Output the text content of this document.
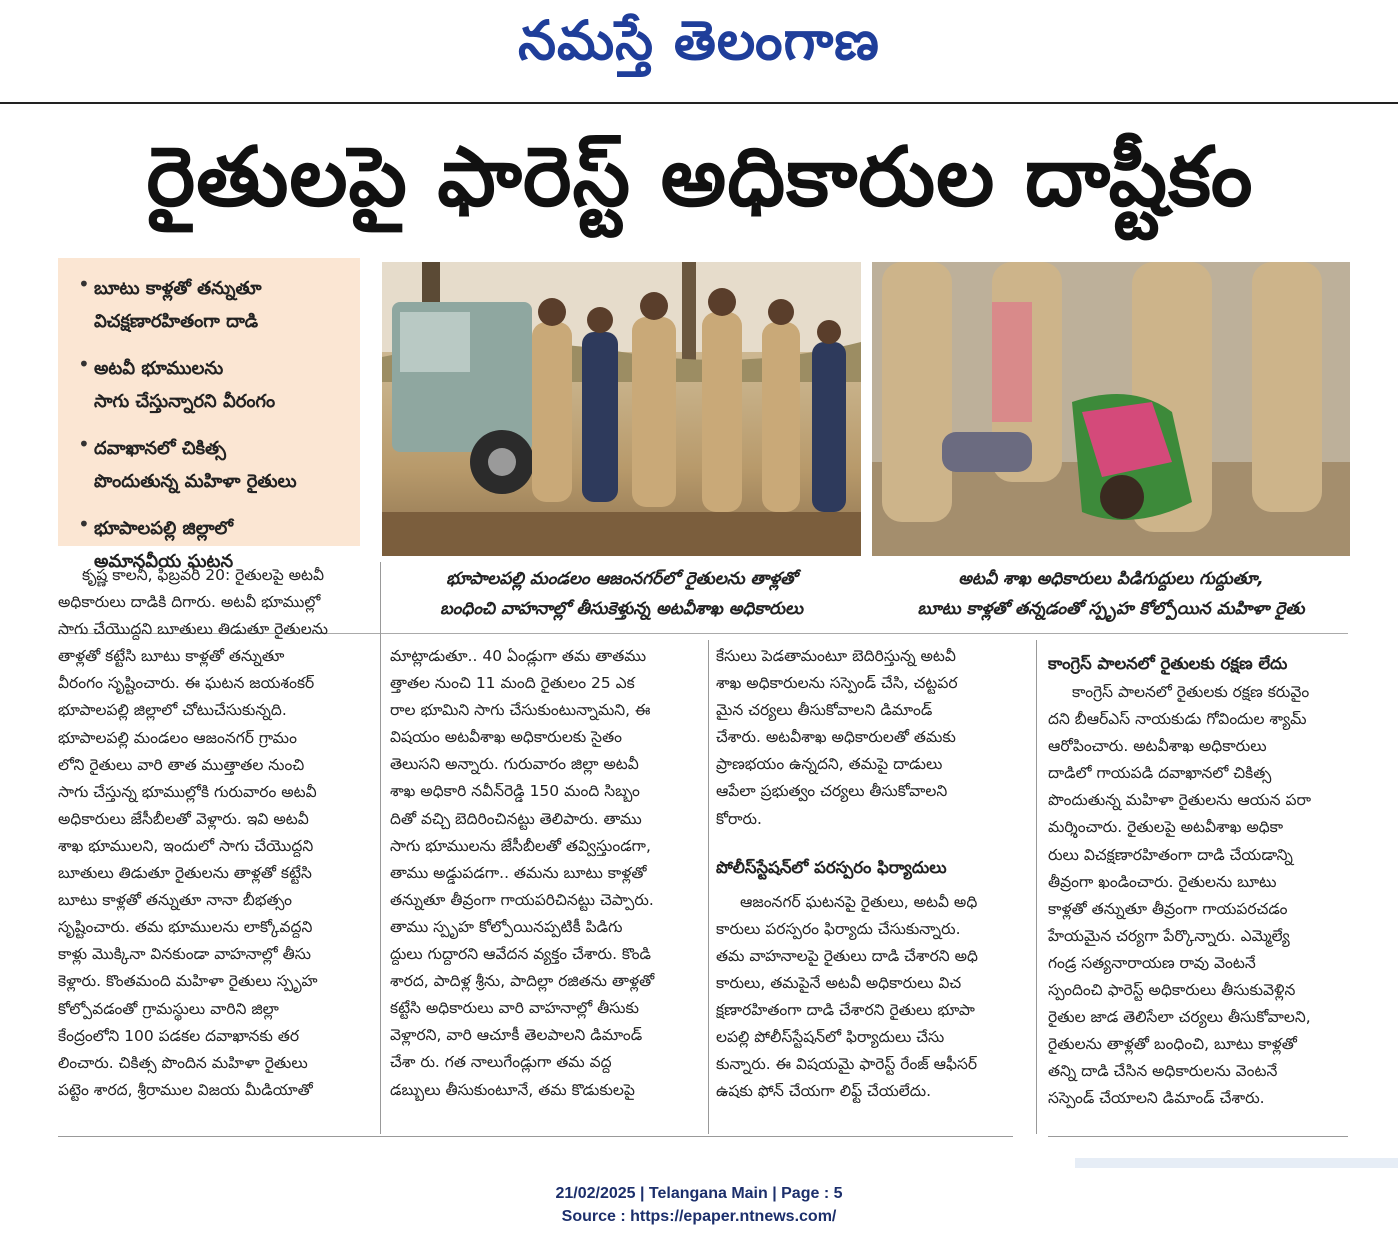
నమస్తే తెలంగాణ
రైతులపై ఫారెస్ట్ అధికారుల దాష్టీకం
• బూటు కాళ్లతో తన్నుతూ
విచక్షణారహితంగా దాడి
• అటవీ భూములను
సాగు చేస్తున్నారని వీరంగం
• దవాఖానలో చికిత్స
పొందుతున్న మహిళా రైతులు
• భూపాలపల్లి జిల్లాలో
అమానవీయ ఘటన
భూపాలపల్లి మండలం ఆజంనగర్‌లో రైతులను తాళ్లతో
బంధించి వాహనాల్లో తీసుకెళ్తున్న అటవీశాఖ అధికారులు
అటవీ శాఖ అధికారులు పిడిగుద్దులు గుద్దుతూ,
బూటు కాళ్లతో తన్నడంతో స్పృహ కోల్పోయిన మహిళా రైతు
కృష్ణ కాలనీ, ఫిబ్రవరి 20: రైతులపై అటవీ
అధికారులు దాడికి దిగారు. అటవీ భూముల్లో
సాగు చేయొద్దని బూతులు తిడుతూ రైతులను
తాళ్లతో కట్టేసి బూటు కాళ్లతో తన్నుతూ
వీరంగం సృష్టించారు. ఈ ఘటన జయశంకర్
భూపాలపల్లి జిల్లాలో చోటుచేసుకున్నది.
భూపాలపల్లి మండలం ఆజంనగర్ గ్రామం
లోని రైతులు వారి తాత ముత్తాతల నుంచి
సాగు చేస్తున్న భూముల్లోకి గురువారం అటవీ
అధికారులు జేసీబీలతో వెళ్లారు. ఇవి అటవీ
శాఖ భూములని, ఇందులో సాగు చేయొద్దని
బూతులు తిడుతూ రైతులను తాళ్లతో కట్టేసి
బూటు కాళ్లతో తన్నుతూ నానా బీభత్సం
సృష్టించారు. తమ భూములను లాక్కోవద్దని
కాళ్లు మొక్కినా వినకుండా వాహనాల్లో తీసు
కెళ్లారు. కొంతమంది మహిళా రైతులు స్పృహ
కోల్పోవడంతో గ్రామస్థులు వారిని జిల్లా
కేంద్రంలోని 100 పడకల దవాఖానకు తర
లించారు. చికిత్స పొందిన మహిళా రైతులు
పట్టెం శారద, శ్రీరాముల విజయ మీడియాతో
మాట్లాడుతూ.. 40 ఏండ్లుగా తమ తాతము
త్తాతల నుంచి 11 మంది రైతులం 25 ఎక
రాల భూమిని సాగు చేసుకుంటున్నామని, ఈ
విషయం అటవీశాఖ అధికారులకు సైతం
తెలుసని అన్నారు. గురువారం జిల్లా అటవీ
శాఖ అధికారి నవీన్‌రెడ్డి 150 మంది సిబ్బం
దితో వచ్చి బెదిరించినట్టు తెలిపారు. తాము
సాగు భూములను జేసీబీలతో తవ్విస్తుండగా,
తాము అడ్డుపడగా.. తమను బూటు కాళ్లతో
తన్నుతూ తీవ్రంగా గాయపరిచినట్టు చెప్పారు.
తాము స్పృహ కోల్పోయినప్పటికీ పిడిగు
ద్దులు గుద్దారని ఆవేదన వ్యక్తం చేశారు. కొండి
శారద, పాదిళ్ల శ్రీను, పాదిల్లా రజితను తాళ్లతో
కట్టేసి అధికారులు వారి వాహనాల్లో తీసుకు
వెళ్లారని, వారి ఆచూకీ తెలపాలని డిమాండ్
చేశా రు. గత నాలుగేండ్లుగా తమ వద్ద
డబ్బులు తీసుకుంటూనే, తమ కొడుకులపై
కేసులు పెడతామంటూ బెదిరిస్తున్న అటవీ
శాఖ అధికారులను సస్పెండ్ చేసి, చట్టపర
మైన చర్యలు తీసుకోవాలని డిమాండ్
చేశారు. అటవీశాఖ అధికారులతో తమకు
ప్రాణభయం ఉన్నదని, తమపై దాడులు
ఆపేలా ప్రభుత్వం చర్యలు తీసుకోవాలని
కోరారు.
పోలీస్‌స్టేషన్‌లో పరస్పరం ఫిర్యాదులు
ఆజంనగర్ ఘటనపై రైతులు, అటవీ అధి
కారులు పరస్పరం ఫిర్యాదు చేసుకున్నారు.
తమ వాహనాలపై రైతులు దాడి చేశారని అధి
కారులు, తమపైనే అటవీ అధికారులు విచ
క్షణారహితంగా దాడి చేశారని రైతులు భూపా
లపల్లి పోలీస్‌స్టేషన్‌లో ఫిర్యాదులు చేసు
కున్నారు. ఈ విషయమై ఫారెస్ట్ రేంజ్ ఆఫీసర్
ఉషకు ఫోన్ చేయగా లిఫ్ట్ చేయలేదు.
కాంగ్రెస్ పాలనలో రైతులకు రక్షణ లేదు
కాంగ్రెస్ పాలనలో రైతులకు రక్షణ కరువైం
దని బీఆర్‌ఎస్ నాయకుడు గోవిందుల శ్యామ్
ఆరోపించారు. అటవీశాఖ అధికారులు
దాడిలో గాయపడి దవాఖానలో చికిత్స
పొందుతున్న మహిళా రైతులను ఆయన పరా
మర్శించారు. రైతులపై అటవీశాఖ అధికా
రులు విచక్షణారహితంగా దాడి చేయడాన్ని
తీవ్రంగా ఖండించారు. రైతులను బూటు
కాళ్లతో తన్నుతూ తీవ్రంగా గాయపరచడం
హేయమైన చర్యగా పేర్కొన్నారు. ఎమ్మెల్యే
గండ్ర సత్యనారాయణ రావు వెంటనే
స్పందించి ఫారెస్ట్ అధికారులు తీసుకువెళ్లిన
రైతుల జాడ తెలిసేలా చర్యలు తీసుకోవాలని,
రైతులను తాళ్లతో బంధించి, బూటు కాళ్లతో
తన్ని దాడి చేసిన అధికారులను వెంటనే
సస్పెండ్ చేయాలని డిమాండ్ చేశారు.
21/02/2025 | Telangana Main | Page : 5
Source : https://epaper.ntnews.com/
